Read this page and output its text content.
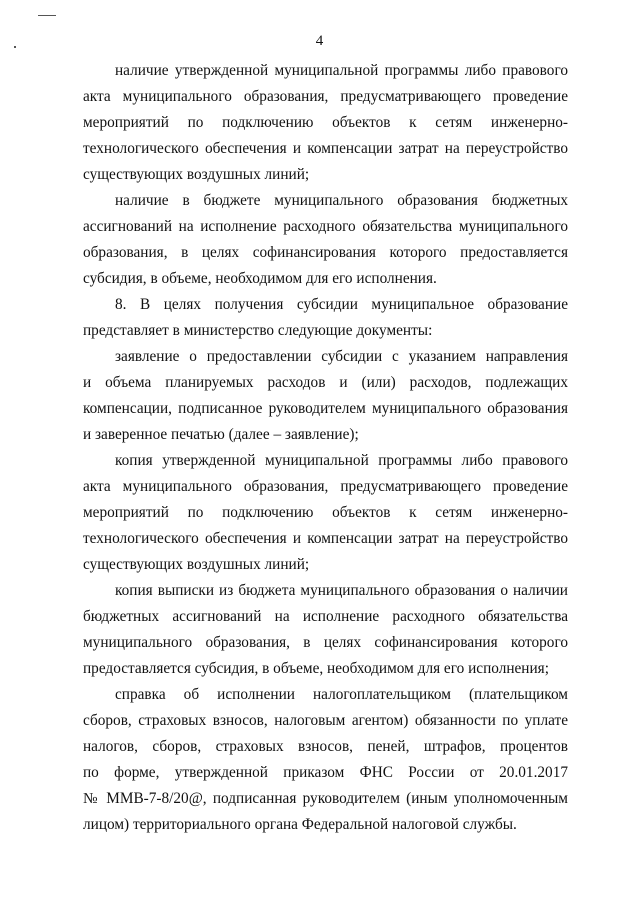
4
наличие утвержденной муниципальной программы либо правового
акта муниципального образования, предусматривающего проведение
мероприятий по подключению объектов к сетям инженерно-
технологического обеспечения и компенсации затрат на переустройство
существующих воздушных линий;
наличие в бюджете муниципального образования бюджетных
ассигнований на исполнение расходного обязательства муниципального
образования, в целях софинансирования которого предоставляется
субсидия, в объеме, необходимом для его исполнения.
8. В целях получения субсидии муниципальное образование
представляет в министерство следующие документы:
заявление о предоставлении субсидии с указанием направления
и объема планируемых расходов и (или) расходов, подлежащих
компенсации, подписанное руководителем муниципального образования
и заверенное печатью (далее – заявление);
копия утвержденной муниципальной программы либо правового
акта муниципального образования, предусматривающего проведение
мероприятий по подключению объектов к сетям инженерно-
технологического обеспечения и компенсации затрат на переустройство
существующих воздушных линий;
копия выписки из бюджета муниципального образования о наличии
бюджетных ассигнований на исполнение расходного обязательства
муниципального образования, в целях софинансирования которого
предоставляется субсидия, в объеме, необходимом для его исполнения;
справка об исполнении налогоплательщиком (плательщиком
сборов, страховых взносов, налоговым агентом) обязанности по уплате
налогов, сборов, страховых взносов, пеней, штрафов, процентов
по форме, утвержденной приказом ФНС России от 20.01.2017
№ ММВ-7-8/20@, подписанная руководителем (иным уполномоченным
лицом) территориального органа Федеральной налоговой службы.
